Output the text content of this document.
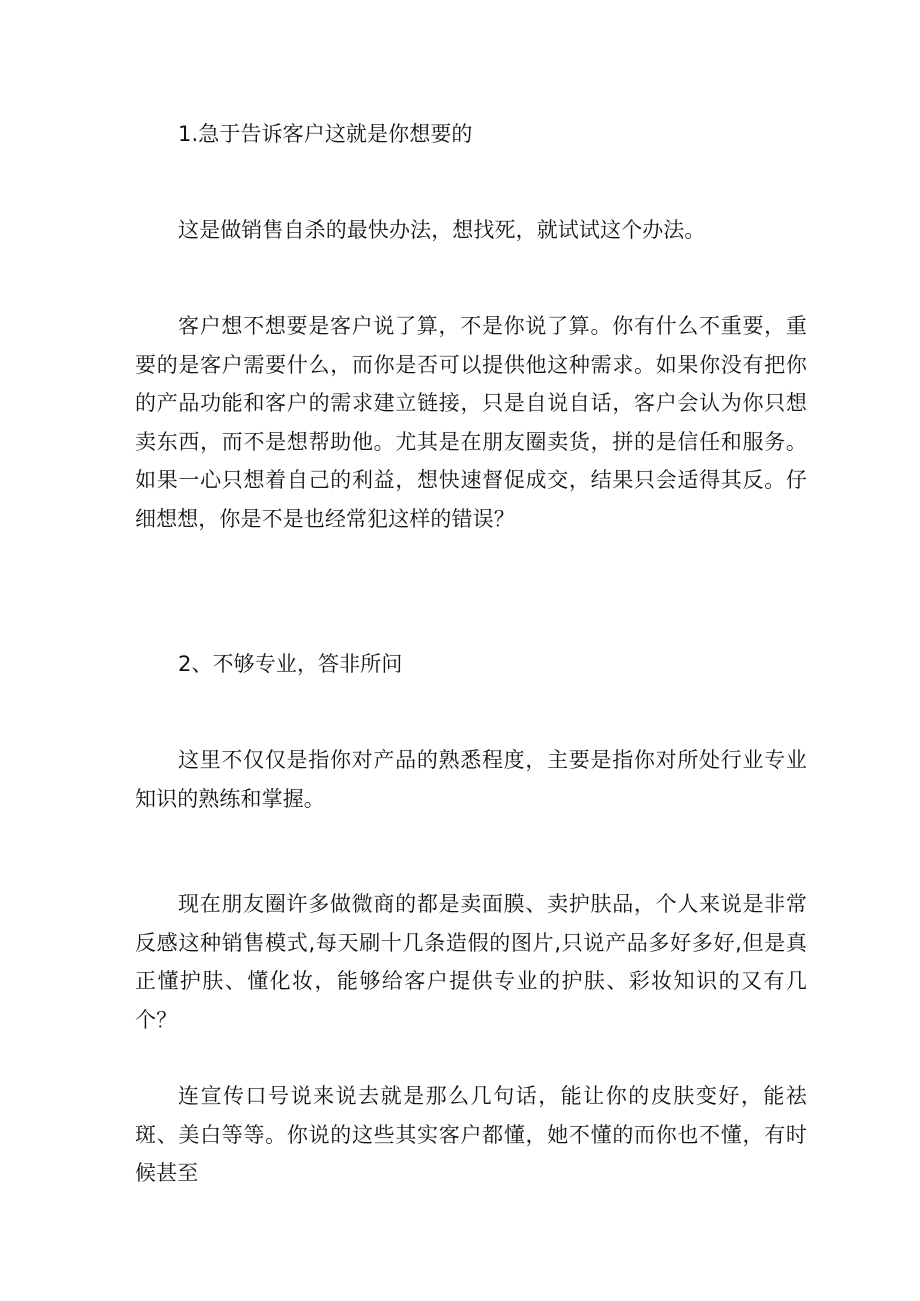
1.急于告诉客户这就是你想要的

这是做销售自杀的最快办法，想找死，就试试这个办法。

客户想不想要是客户说了算，不是你说了算。你有什么不重要，重要的是客户需要什么，而你是否可以提供他这种需求。如果你没有把你的产品功能和客户的需求建立链接，只是自说自话，客户会认为你只想卖东西，而不是想帮助他。尤其是在朋友圈卖货，拼的是信任和服务。如果一心只想着自己的利益，想快速督促成交，结果只会适得其反。仔细想想，你是不是也经常犯这样的错误？

2、不够专业，答非所问

这里不仅仅是指你对产品的熟悉程度，主要是指你对所处行业专业知识的熟练和掌握。

现在朋友圈许多做微商的都是卖面膜、卖护肤品，个人来说是非常反感这种销售模式,每天刷十几条造假的图片,只说产品多好多好,但是真正懂护肤、懂化妆，能够给客户提供专业的护肤、彩妆知识的又有几个？

连宣传口号说来说去就是那么几句话，能让你的皮肤变好，能祛斑、美白等等。你说的这些其实客户都懂，她不懂的而你也不懂，有时候甚至
